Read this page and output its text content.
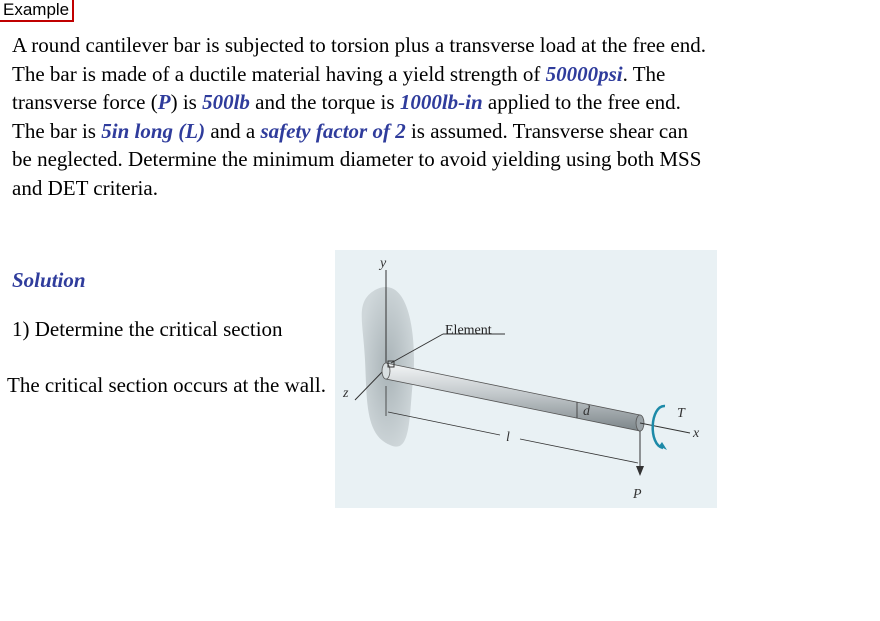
Example
A round cantilever bar is subjected to torsion plus a transverse load at the free end. The bar is made of a ductile material having a yield strength of 50000psi. The transverse force (P) is 500lb and the torque is 1000lb-in applied to the free end. The bar is 5in long (L) and a safety factor of 2 is assumed. Transverse shear can be neglected. Determine the minimum diameter to avoid yielding using both MSS and DET criteria.
Solution
1) Determine the critical section
The critical section occurs at the wall.
y
z
Element
d
l	x
T
P
